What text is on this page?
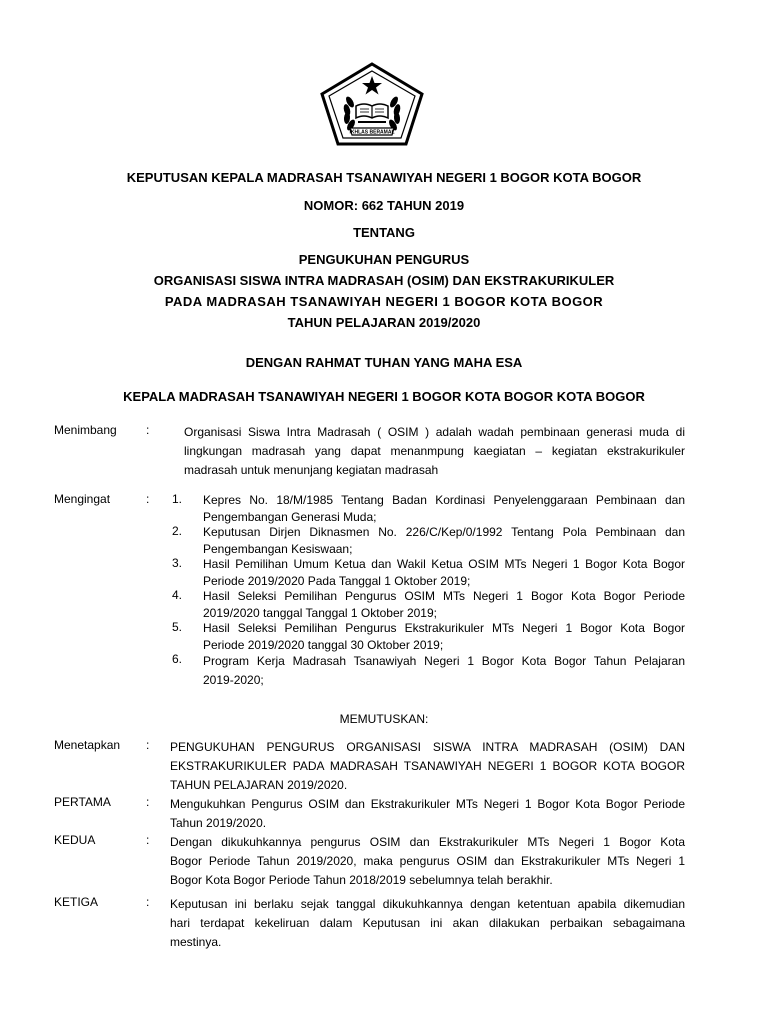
IKHLAS BERAMAL
KEPUTUSAN KEPALA MADRASAH TSANAWIYAH NEGERI 1 BOGOR KOTA BOGOR
NOMOR: 662 TAHUN 2019
TENTANG
PENGUKUHAN PENGURUS
ORGANISASI SISWA INTRA MADRASAH (OSIM) DAN EKSTRAKURIKULER
PADA MADRASAH TSANAWIYAH NEGERI 1 BOGOR KOTA BOGOR
TAHUN PELAJARAN 2019/2020
DENGAN RAHMAT TUHAN YANG MAHA ESA
KEPALA MADRASAH TSANAWIYAH NEGERI 1 BOGOR KOTA BOGOR KOTA BOGOR
Menimbang :	Organisasi Siswa Intra Madrasah ( OSIM ) adalah wadah pembinaan generasi muda di
lingkungan madrasah yang dapat menanmpung kaegiatan – kegiatan ekstrakurikuler
madrasah untuk menunjang kegiatan madrasah
Mengingat	: 1. Kepres No. 18/M/1985 Tentang Badan Kordinasi Penyelenggaraan Pembinaan dan
Pengembangan Generasi Muda;
2. Keputusan Dirjen Diknasmen No. 226/C/Kep/0/1992 Tentang Pola Pembinaan dan
Pengembangan Kesiswaan;
3. Hasil Pemilihan Umum Ketua dan Wakil Ketua OSIM MTs Negeri 1 Bogor Kota Bogor
Periode 2019/2020 Pada Tanggal 1 Oktober 2019;
4. Hasil Seleksi Pemilihan Pengurus OSIM MTs Negeri 1 Bogor Kota Bogor Periode
2019/2020 tanggal Tanggal 1 Oktober 2019;
5. Hasil Seleksi Pemilihan Pengurus Ekstrakurikuler MTs Negeri 1 Bogor Kota Bogor
Periode 2019/2020 tanggal 30 Oktober 2019;
6. Program Kerja Madrasah Tsanawiyah Negeri 1 Bogor Kota Bogor Tahun Pelajaran
2019-2020;
MEMUTUSKAN:
Menetapkan : PENGUKUHAN PENGURUS ORGANISASI SISWA INTRA MADRASAH (OSIM) DAN
EKSTRAKURIKULER PADA MADRASAH TSANAWIYAH NEGERI 1 BOGOR KOTA BOGOR
TAHUN PELAJARAN 2019/2020.
PERTAMA	: Mengukuhkan Pengurus OSIM dan Ekstrakurikuler MTs Negeri 1 Bogor Kota Bogor Periode
Tahun 2019/2020.
KEDUA	: Dengan dikukuhkannya pengurus OSIM dan Ekstrakurikuler MTs Negeri 1 Bogor Kota
Bogor Periode Tahun 2019/2020, maka pengurus OSIM dan Ekstrakurikuler MTs Negeri 1
Bogor Kota Bogor Periode Tahun 2018/2019 sebelumnya telah berakhir.
KETIGA	: Keputusan ini berlaku sejak tanggal dikukuhkannya dengan ketentuan apabila dikemudian
hari terdapat kekeliruan dalam Keputusan ini akan dilakukan perbaikan sebagaimana
mestinya.
